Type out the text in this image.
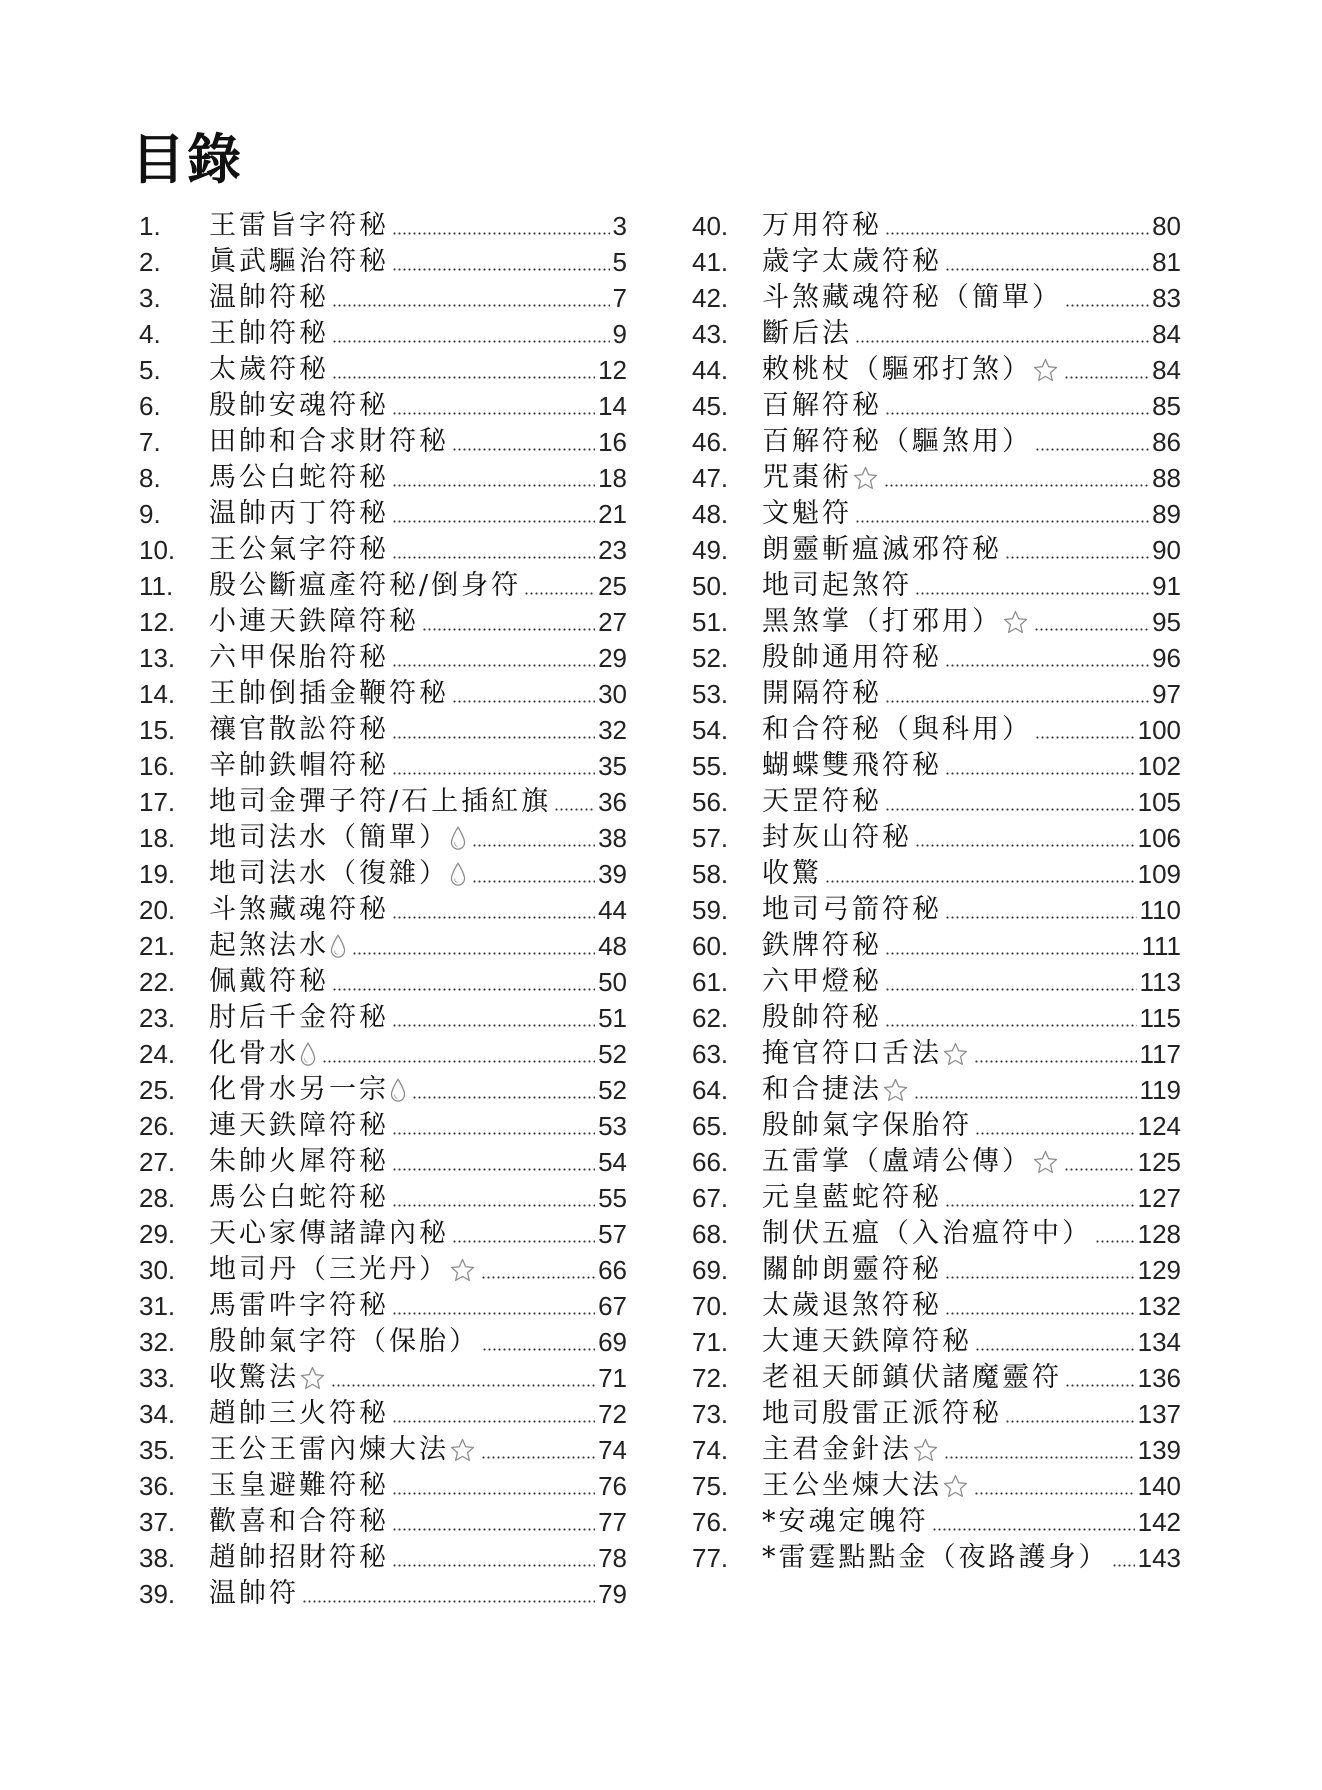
目錄
1.	王雷旨字符秘	3
2.	眞武驅治符秘	5
3.	温帥符秘	7
4.	王帥符秘	9
5.	太歲符秘	12
6.	殷帥安魂符秘	14
7.	田帥和合求財符秘	16
8.	馬公白蛇符秘	18
9.	温帥丙丁符秘	21
10.	王公氣字符秘	23
11.	殷公斷瘟產符秘/倒身符	25
12.	小連天鉄障符秘	27
13.	六甲保胎符秘	29
14.	王帥倒插金鞭符秘	30
15.	禳官散訟符秘	32
16.	辛帥鉄帽符秘	35
17.	地司金彈子符/石上插紅旗 36
18.	地司法水（簡單）	38
19.	地司法水（復雜）	39
20.	斗煞藏魂符秘	44
21.	起煞法水	48
22.	佩戴符秘	50
23.	肘后千金符秘	51
24.	化骨水	52
25.	化骨水另一宗	52
26.	連天鉄障符秘	53
27.	朱帥火犀符秘	54
28.	馬公白蛇符秘	55
29.	天心家傳諸諱內秘	57
30.	地司丹（三光丹）	66
31.	馬雷吽字符秘	67
32.	殷帥氣字符（保胎）	69
33.	收驚法	71
34.	趙帥三火符秘	72
35.	王公王雷內煉大法	74
36.	玉皇避難符秘	76
37.	歡喜和合符秘	77
38.	趙帥招財符秘	78
39.	温帥符	79
40.	万用符秘	80
41.	歳字太歲符秘	81
42.	斗煞藏魂符秘（簡單）	83
43.	斷后法	84
44.	敕桃杖（驅邪打煞）	84
45.	百解符秘	85
46.	百解符秘（驅煞用）	86
47.	咒棗術	88
48.	文魁符	89
49.	朗靈斬瘟滅邪符秘	90
50.	地司起煞符	91
51.	黑煞掌（打邪用）	95
52.	殷帥通用符秘	96
53.	開隔符秘	97
54.	和合符秘（與科用）	100
55.	蝴蝶雙飛符秘	102
56.	天罡符秘	105
57.	封灰山符秘	106
58.	收驚	109
59.	地司弓箭符秘	110
60.	鉄牌符秘	111
61.	六甲燈秘	113
62.	殷帥符秘	115
63.	掩官符口舌法	117
64.	和合捷法	119
65.	殷帥氣字保胎符	124
66.	五雷掌（盧靖公傳）	125
67.	元皇藍蛇符秘	127
68.	制伏五瘟（入治瘟符中） 128
69.	關帥朗靈符秘	129
70.	太歲退煞符秘	132
71.	大連天鉄障符秘	134
72.	老祖天師鎮伏諸魔靈符	136
73.	地司殷雷正派符秘	137
74.	主君金針法	139
75.	王公坐煉大法	140
76.	*安魂定魄符	142
77.	*雷霆點點金（夜路護身） 143
